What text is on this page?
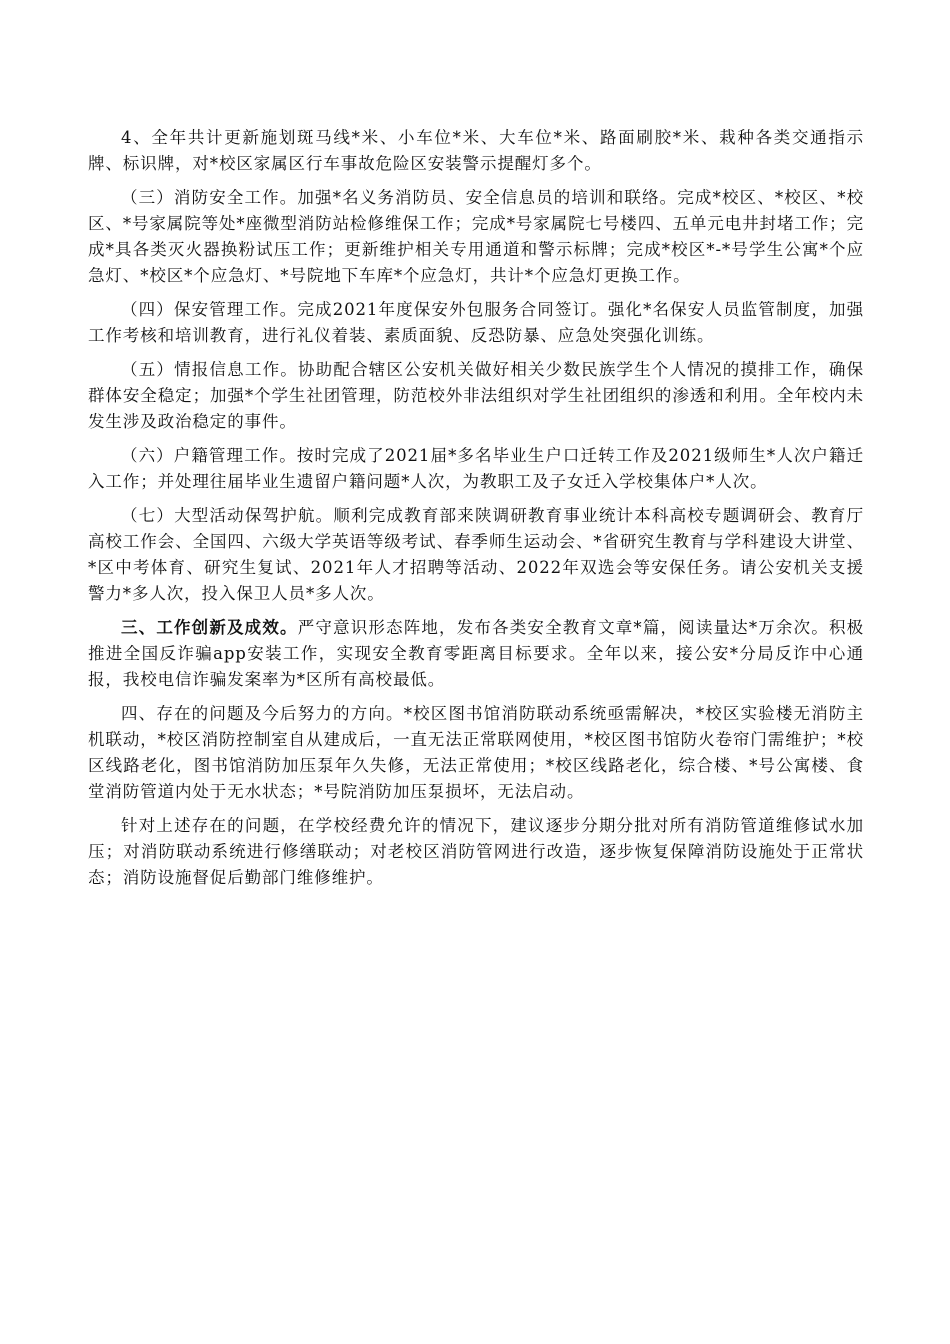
4、全年共计更新施划斑马线*米、小车位*米、大车位*米、路面刷胶*米、栽种各类交通指示牌、标识牌，对*校区家属区行车事故危险区安装警示提醒灯多个。

（三）消防安全工作。加强*名义务消防员、安全信息员的培训和联络。完成*校区、*校区、*校区、*号家属院等处*座微型消防站检修维保工作；完成*号家属院七号楼四、五单元电井封堵工作；完成*具各类灭火器换粉试压工作；更新维护相关专用通道和警示标牌；完成*校区*-*号学生公寓*个应急灯、*校区*个应急灯、*号院地下车库*个应急灯，共计*个应急灯更换工作。

（四）保安管理工作。完成2021年度保安外包服务合同签订。强化*名保安人员监管制度，加强工作考核和培训教育，进行礼仪着装、素质面貌、反恐防暴、应急处突强化训练。

（五）情报信息工作。协助配合辖区公安机关做好相关少数民族学生个人情况的摸排工作，确保群体安全稳定；加强*个学生社团管理，防范校外非法组织对学生社团组织的渗透和利用。全年校内未发生涉及政治稳定的事件。

（六）户籍管理工作。按时完成了2021届*多名毕业生户口迁转工作及2021级师生*人次户籍迁入工作；并处理往届毕业生遗留户籍问题*人次，为教职工及子女迁入学校集体户*人次。

（七）大型活动保驾护航。顺利完成教育部来陕调研教育事业统计本科高校专题调研会、教育厅高校工作会、全国四、六级大学英语等级考试、春季师生运动会、*省研究生教育与学科建设大讲堂、*区中考体育、研究生复试、2021年人才招聘等活动、2022年双选会等安保任务。请公安机关支援警力*多人次，投入保卫人员*多人次。

三、工作创新及成效。严守意识形态阵地，发布各类安全教育文章*篇，阅读量达*万余次。积极推进全国反诈骗app安装工作，实现安全教育零距离目标要求。全年以来，接公安*分局反诈中心通报，我校电信诈骗发案率为*区所有高校最低。

四、存在的问题及今后努力的方向。*校区图书馆消防联动系统亟需解决，*校区实验楼无消防主机联动，*校区消防控制室自从建成后，一直无法正常联网使用，*校区图书馆防火卷帘门需维护；*校区线路老化，图书馆消防加压泵年久失修，无法正常使用；*校区线路老化，综合楼、*号公寓楼、食堂消防管道内处于无水状态；*号院消防加压泵损坏，无法启动。

针对上述存在的问题，在学校经费允许的情况下，建议逐步分期分批对所有消防管道维修试水加压；对消防联动系统进行修缮联动；对老校区消防管网进行改造，逐步恢复保障消防设施处于正常状态；消防设施督促后勤部门维修维护。
